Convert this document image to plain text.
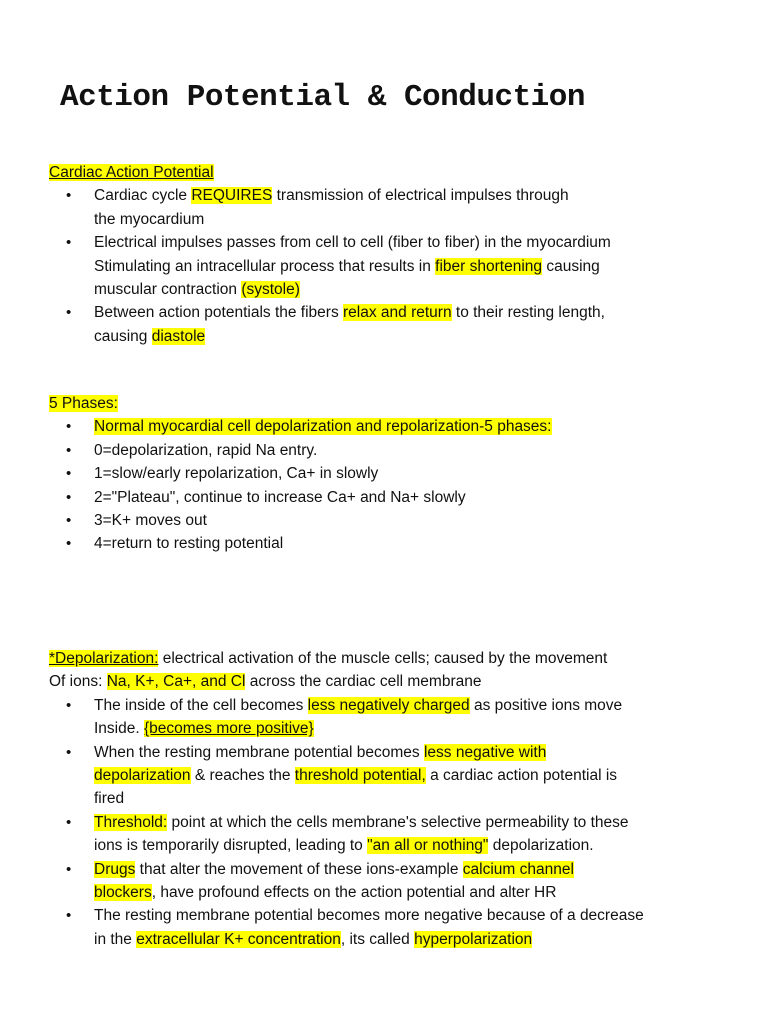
Action Potential & Conduction
Cardiac Action Potential
• Cardiac cycle REQUIRES transmission of electrical impulses through
the myocardium
• Electrical impulses passes from cell to cell (fiber to fiber) in the myocardium
Stimulating an intracellular process that results in fiber shortening causing
muscular contraction (systole)
• Between action potentials the fibers relax and return to their resting length,
causing diastole
5 Phases:
• Normal myocardial cell depolarization and repolarization-5 phases:
• 0=depolarization, rapid Na entry.
• 1=slow/early repolarization, Ca+ in slowly
• 2="Plateau", continue to increase Ca+ and Na+ slowly
• 3=K+ moves out
• 4=return to resting potential
*Depolarization: electrical activation of the muscle cells; caused by the movement
Of ions: Na, K+, Ca+, and Cl across the cardiac cell membrane
• The inside of the cell becomes less negatively charged as positive ions move
Inside. {becomes more positive}
• When the resting membrane potential becomes less negative with
depolarization & reaches the threshold potential, a cardiac action potential is
fired
• Threshold: point at which the cells membrane's selective permeability to these
ions is temporarily disrupted, leading to "an all or nothing" depolarization.
• Drugs that alter the movement of these ions-example calcium channel
blockers, have profound effects on the action potential and alter HR
• The resting membrane potential becomes more negative because of a decrease
in the extracellular K+ concentration, its called hyperpolarization
